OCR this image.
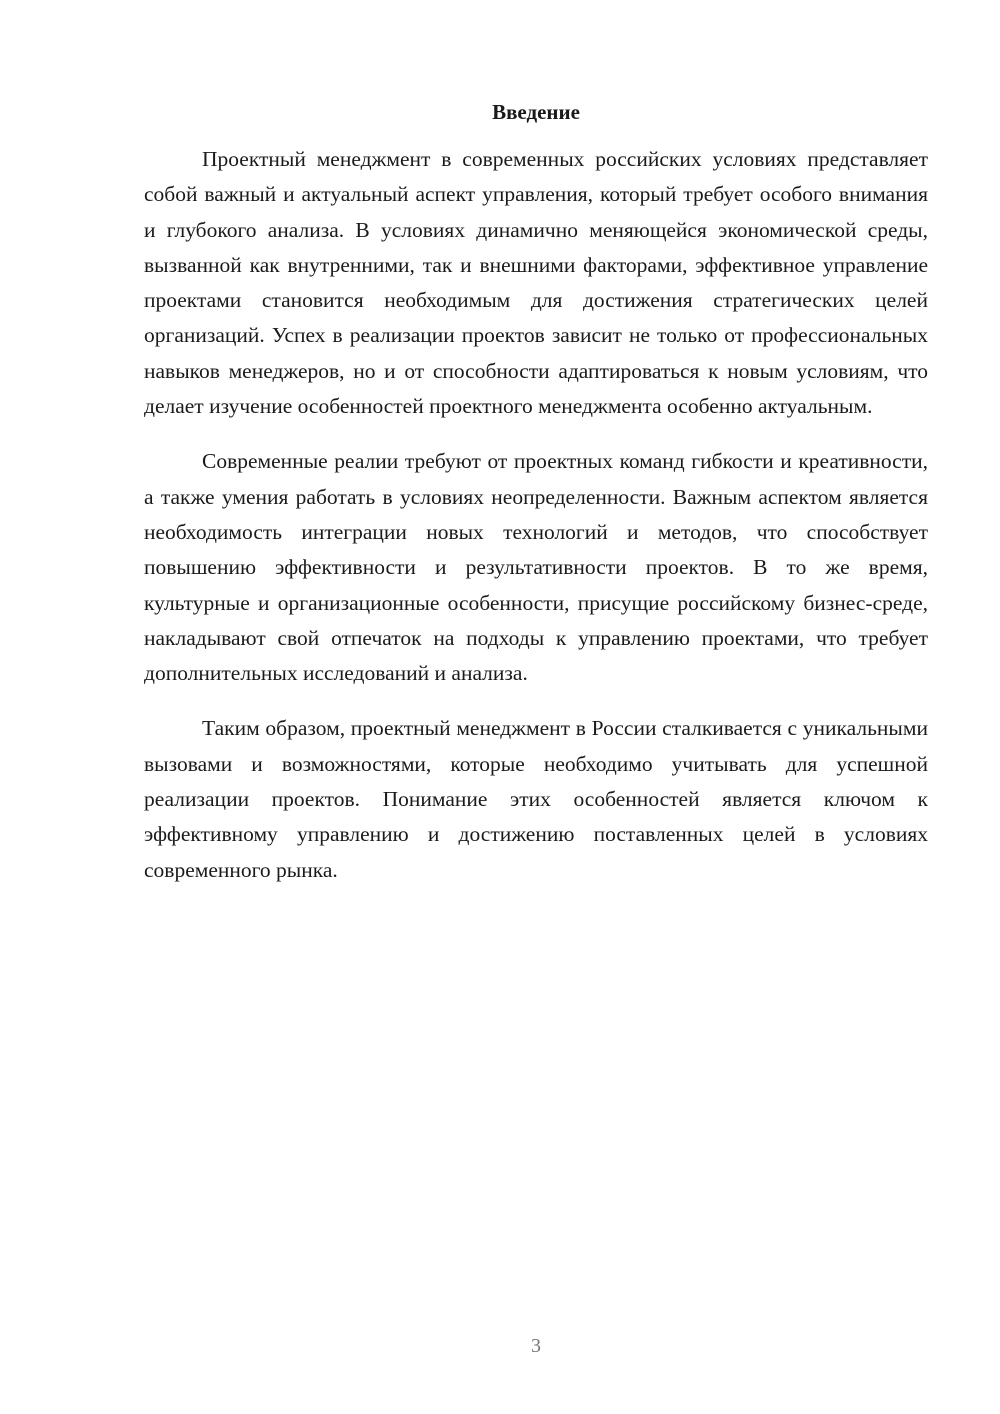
Введение

Проектный менеджмент в современных российских условиях представляет собой важный и актуальный аспект управления, который требует особого внимания и глубокого анализа. В условиях динамично меняющейся экономической среды, вызванной как внутренними, так и внешними факторами, эффективное управление проектами становится необходимым для достижения стратегических целей организаций. Успех в реализации проектов зависит не только от профессиональных навыков менеджеров, но и от способности адаптироваться к новым условиям, что делает изучение особенностей проектного менеджмента особенно актуальным.

Современные реалии требуют от проектных команд гибкости и креативности, а также умения работать в условиях неопределенности. Важным аспектом является необходимость интеграции новых технологий и методов, что способствует повышению эффективности и результативности проектов. В то же время, культурные и организационные особенности, присущие российскому бизнес-среде, накладывают свой отпечаток на подходы к управлению проектами, что требует дополнительных исследований и анализа.

Таким образом, проектный менеджмент в России сталкивается с уникальными вызовами и возможностями, которые необходимо учитывать для успешной реализации проектов. Понимание этих особенностей является ключом к эффективному управлению и достижению поставленных целей в условиях современного рынка.

3
